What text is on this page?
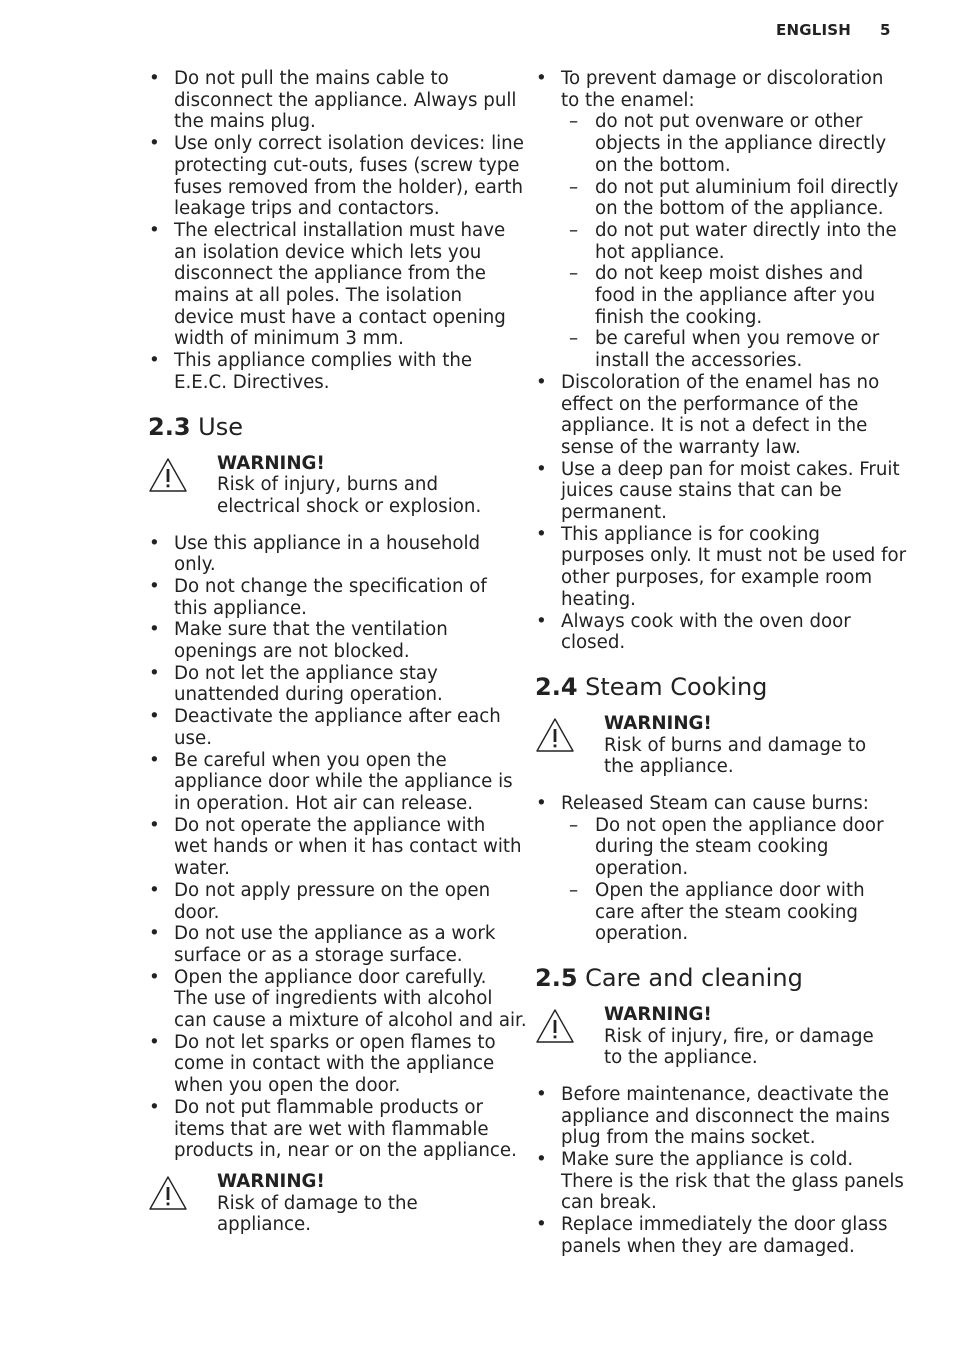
ENGLISH 5
• Do not pull the mains cable to
disconnect the appliance. Always pull
the mains plug.
• Use only correct isolation devices: line
protecting cut-outs, fuses (screw type
fuses removed from the holder), earth
leakage trips and contactors.
• The electrical installation must have
an isolation device which lets you
disconnect the appliance from the
mains at all poles. The isolation
device must have a contact opening
width of minimum 3 mm.
• This appliance complies with the
E.E.C. Directives.
2.3 Use
WARNING!
Risk of injury, burns and
electrical shock or explosion.
• Use this appliance in a household
only.
• Do not change the specification of
this appliance.
• Make sure that the ventilation
openings are not blocked.
• Do not let the appliance stay
unattended during operation.
• Deactivate the appliance after each
use.
• Be careful when you open the
appliance door while the appliance is
in operation. Hot air can release.
• Do not operate the appliance with
wet hands or when it has contact with
water.
• Do not apply pressure on the open
door.
• Do not use the appliance as a work
surface or as a storage surface.
• Open the appliance door carefully.
The use of ingredients with alcohol
can cause a mixture of alcohol and air.
• Do not let sparks or open flames to
come in contact with the appliance
when you open the door.
• Do not put flammable products or
items that are wet with flammable
products in, near or on the appliance.
WARNING!
Risk of damage to the
appliance.
• To prevent damage or discoloration
to the enamel:
– do not put ovenware or other
objects in the appliance directly
on the bottom.
– do not put aluminium foil directly
on the bottom of the appliance.
– do not put water directly into the
hot appliance.
– do not keep moist dishes and
food in the appliance after you
finish the cooking.
– be careful when you remove or
install the accessories.
• Discoloration of the enamel has no
effect on the performance of the
appliance. It is not a defect in the
sense of the warranty law.
• Use a deep pan for moist cakes. Fruit
juices cause stains that can be
permanent.
• This appliance is for cooking
purposes only. It must not be used for
other purposes, for example room
heating.
• Always cook with the oven door
closed.
2.4 Steam Cooking
WARNING!
Risk of burns and damage to
the appliance.
• Released Steam can cause burns:
– Do not open the appliance door
during the steam cooking
operation.
– Open the appliance door with
care after the steam cooking
operation.
2.5 Care and cleaning
WARNING!
Risk of injury, fire, or damage
to the appliance.
• Before maintenance, deactivate the
appliance and disconnect the mains
plug from the mains socket.
• Make sure the appliance is cold.
There is the risk that the glass panels
can break.
• Replace immediately the door glass
panels when they are damaged.
